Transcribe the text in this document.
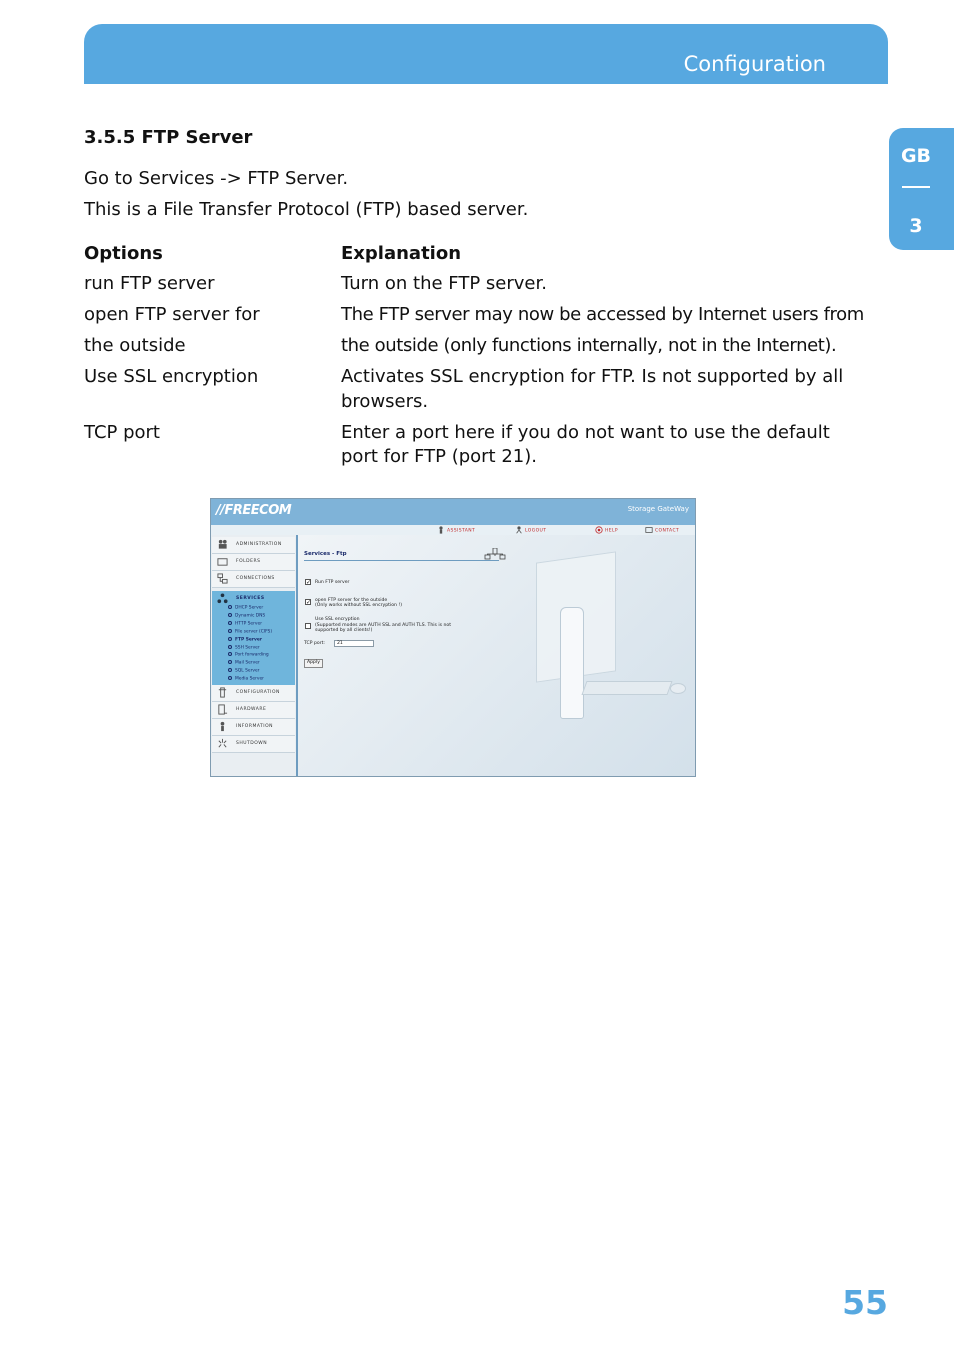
Configuration
GB
3
3.5.5 FTP Server
Go to Services -> FTP Server.
This is a File Transfer Protocol (FTP) based server.
Options	Explanation
run FTP server	Turn on the FTP server.
open FTP server for	The FTP server may now be accessed by Internet users from
the outside	the outside (only functions internally, not in the Internet).
Use SSL encryption	Activates SSL encryption for FTP. Is not supported by all
browsers.
TCP port	Enter a port here if you do not want to use the default
port for FTP (port 21).
//FREECOM	Storage GateWay
ASSISTANT	LOGOUT	HELP	CONTACT
ADMINISTRATION
FOLDERS
CONNECTIONS
SERVICES
DHCP Server
Dynamic DNS
HTTP Server
File server (CIFS)
FTP Server
SSH Server
Port forwarding
Mail Server
SQL Server
Media Server
CONFIGURATION
HARDWARE
INFORMATION
SHUTDOWN
Services - Ftp
✓ Run FTP server
✓ open FTP server for the outside
(Only works without SSL encryption !)
Use SSL encryption
(Supported modes are AUTH SSL and AUTH TLS. This is not
supported by all clients!)
TCP port:	21
Apply
55
